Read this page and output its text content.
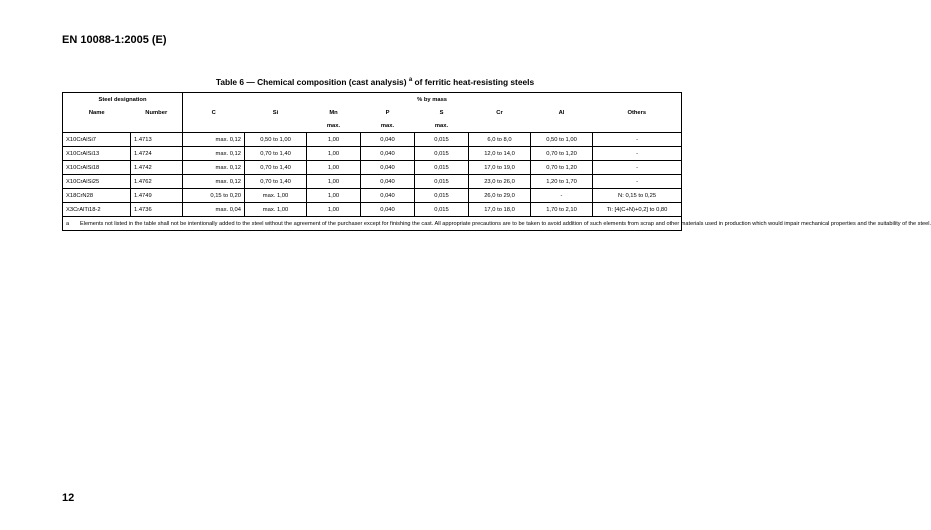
EN 10088-1:2005 (E)
Table 6 — Chemical composition (cast analysis) $^a$ of ferritic heat-resisting steels
Steel designation		% by mass							
Name	Number	C	Si	Mn	P	S	Cr	Al	Others
				max.	max.	max.			
X10CrAlSi7	1.4713	max. 0,12	0,50 to 1,00	1,00	0,040	0,015	6,0 to 8,0	0,50 to 1,00	-
X10CrAlSi13	1.4724	max. 0,12	0,70 to 1,40	1,00	0,040	0,015	12,0 to 14,0	0,70 to 1,20	-
X10CrAlSi18	1.4742	max. 0,12	0,70 to 1,40	1,00	0,040	0,015	17,0 to 19,0	0,70 to 1,20	-
X10CrAlSi25	1.4762	max. 0,12	0,70 to 1,40	1,00	0,040	0,015	23,0 to 26,0	1,20 to 1,70	-
X18CrN28	1.4749	0,15 to 0,20	max. 1,00	1,00	0,040	0,015	26,0 to 29,0	-	N: 0,15 to 0,25
X3CrAlTi18-2	1.4736	max. 0,04	max. 1,00	1,00	0,040	0,015	17,0 to 18,0	1,70 to 2,10	Ti: [4(C+N)+0,2] to 0,80
a Elements not listed in the table shall not be intentionally added to the steel without the agreement of the purchaser except for finishing the cast. All appropriate precautions are to be taken to avoid addition of such elements from scrap and other materials used in production which would impair mechanical properties and the suitability of the steel.									
12
